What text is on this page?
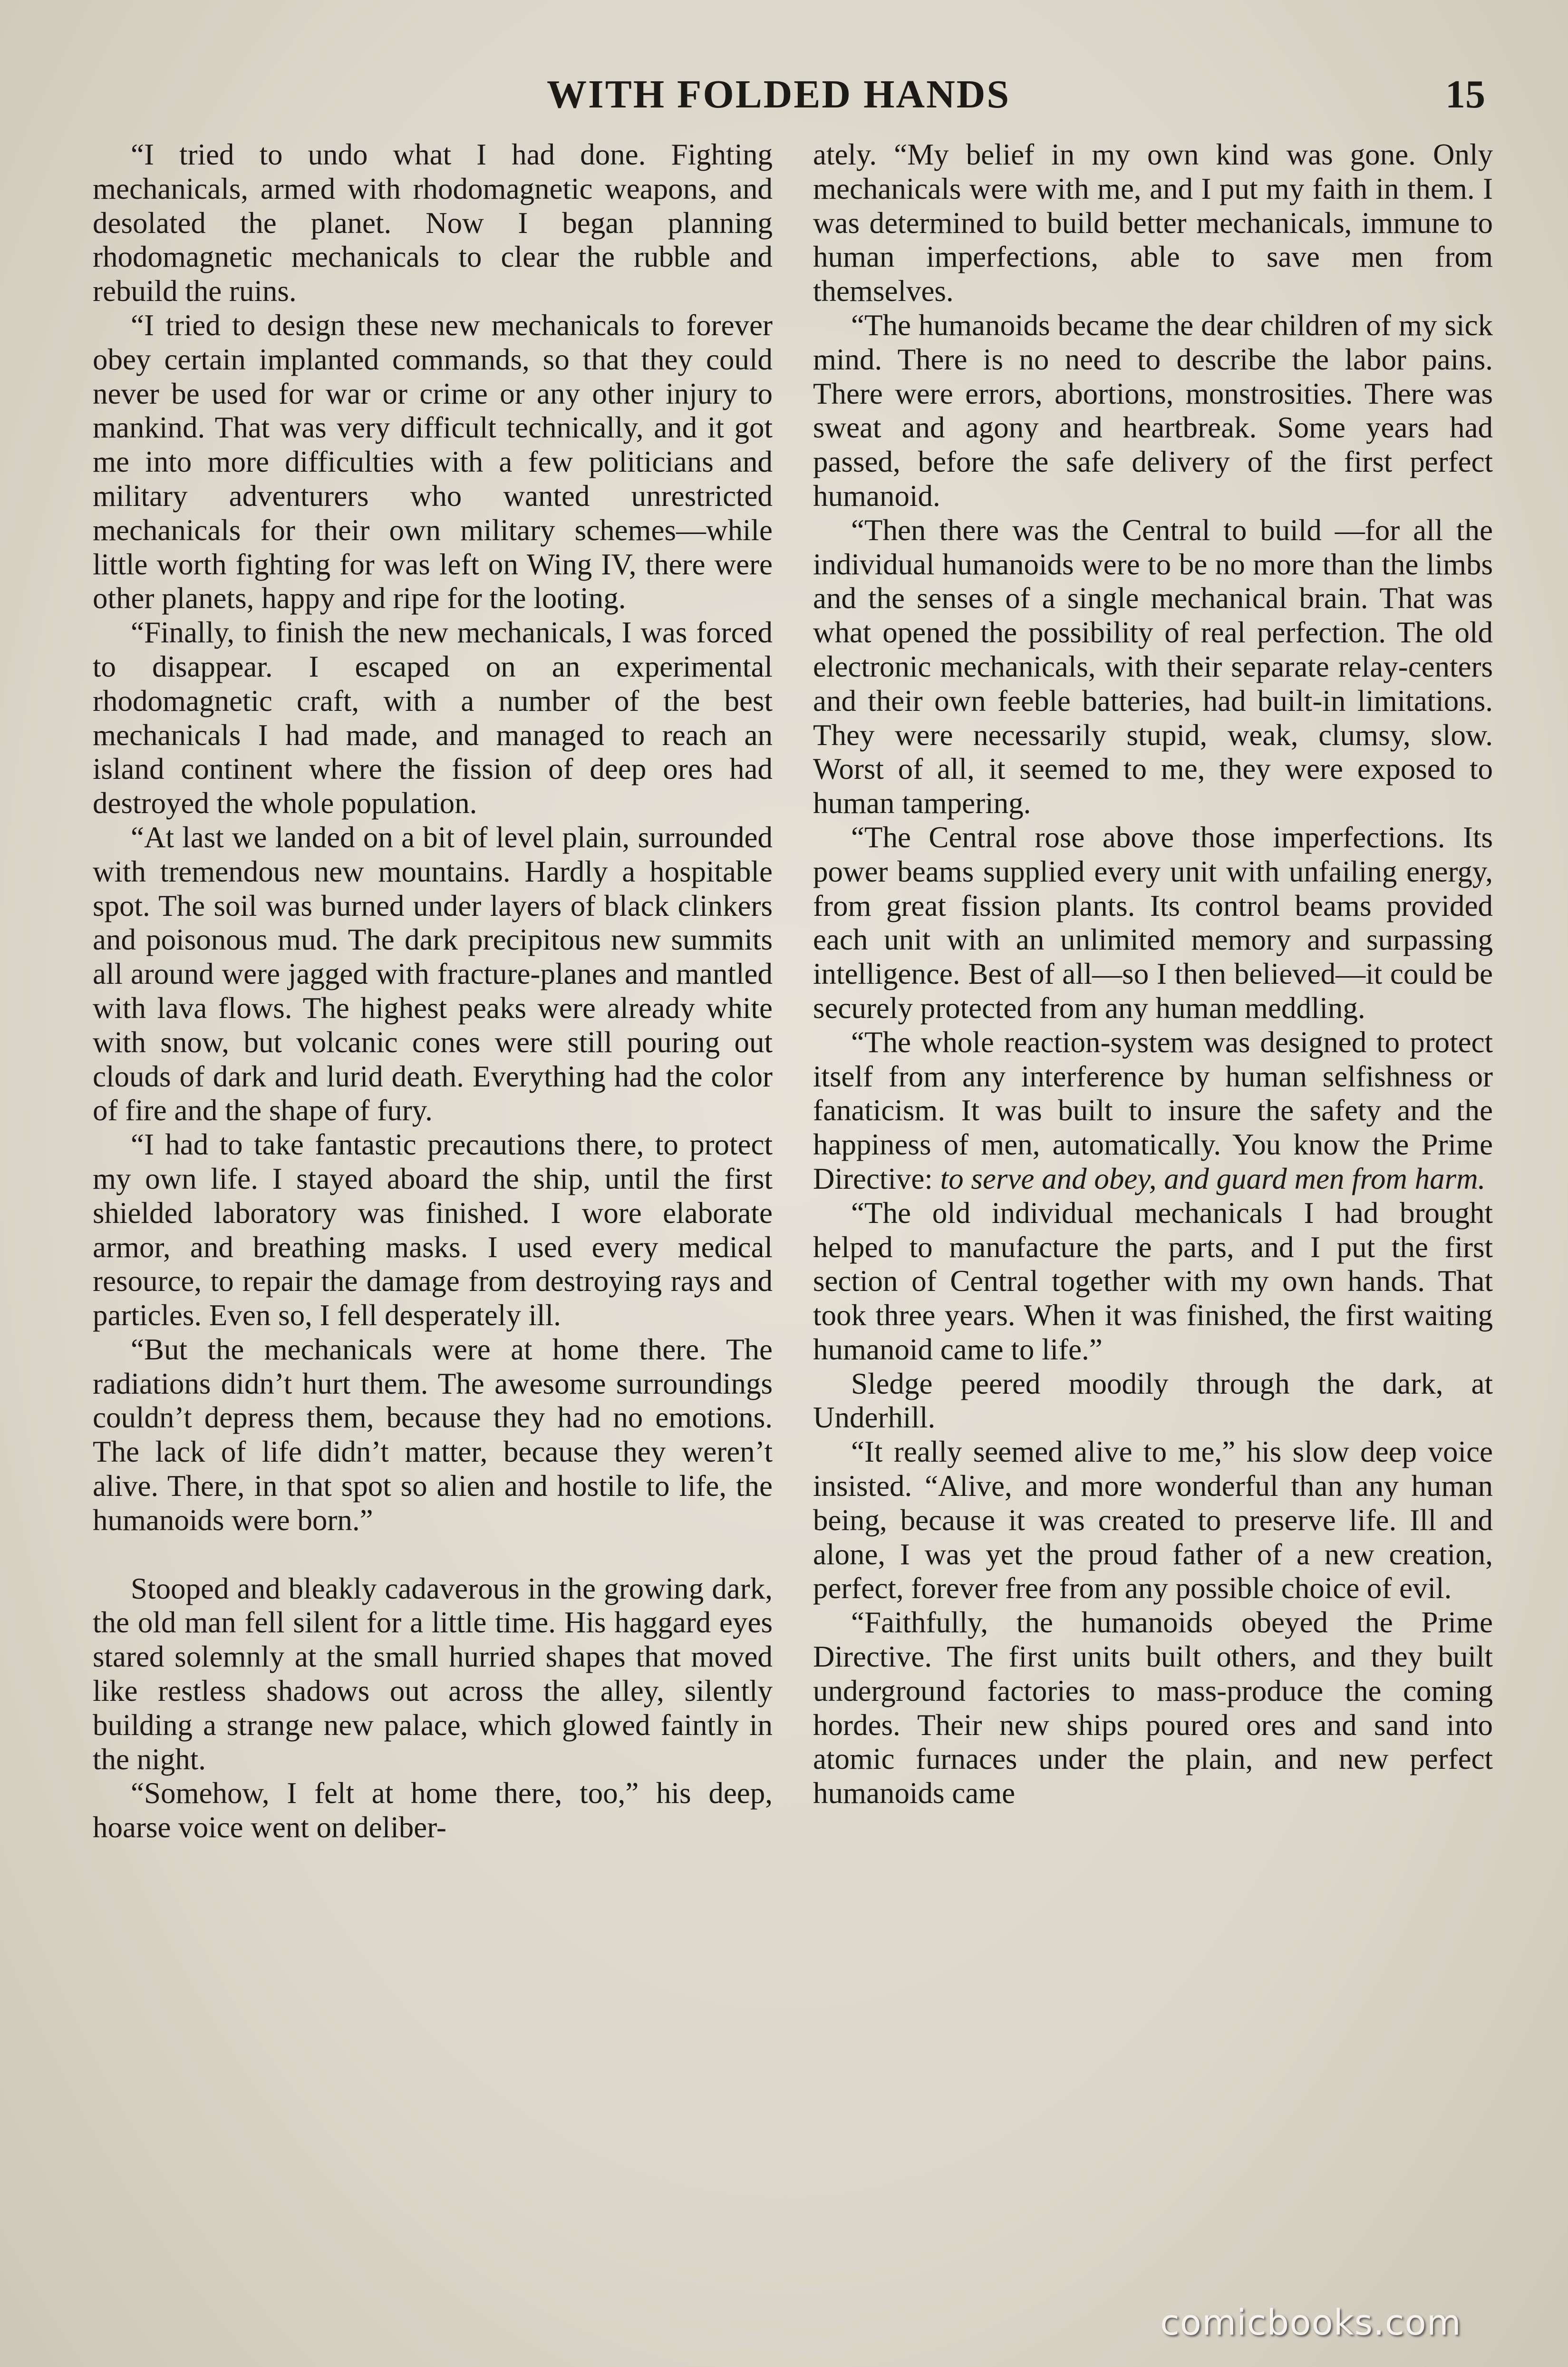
WITH FOLDED HANDS	15

“I tried to undo what I had done. Fighting mechanicals, armed with rhodomagnetic weapons, and desolated the planet. Now I began planning rhodomagnetic mechanicals to clear the rubble and rebuild the ruins.

“I tried to design these new mechanicals to forever obey certain implanted commands, so that they could never be used for war or crime or any other injury to mankind. That was very difficult technically, and it got me into more difficulties with a few politicians and military adventurers who wanted unrestricted mechanicals for their own military schemes—while little worth fighting for was left on Wing IV, there were other planets, happy and ripe for the looting.

“Finally, to finish the new mechanicals, I was forced to disappear. I escaped on an experimental rhodomagnetic craft, with a number of the best mechanicals I had made, and managed to reach an island continent where the fission of deep ores had destroyed the whole population.

“At last we landed on a bit of level plain, surrounded with tremendous new mountains. Hardly a hospitable spot. The soil was burned under layers of black clinkers and poisonous mud. The dark precipitous new summits all around were jagged with fracture-planes and mantled with lava flows. The highest peaks were already white with snow, but volcanic cones were still pouring out clouds of dark and lurid death. Everything had the color of fire and the shape of fury.

“I had to take fantastic precautions there, to protect my own life. I stayed aboard the ship, until the first shielded laboratory was finished. I wore elaborate armor, and breathing masks. I used every medical resource, to repair the damage from destroying rays and particles. Even so, I fell desperately ill.

“But the mechanicals were at home there. The radiations didn’t hurt them. The awesome surroundings couldn’t depress them, because they had no emotions. The lack of life didn’t matter, because they weren’t alive. There, in that spot so alien and hostile to life, the humanoids were born.”

Stooped and bleakly cadaverous in the growing dark, the old man fell silent for a little time. His haggard eyes stared solemnly at the small hurried shapes that moved like restless shadows out across the alley, silently building a strange new palace, which glowed faintly in the night.

“Somehow, I felt at home there, too,” his deep, hoarse voice went on deliber-

ately. “My belief in my own kind was gone. Only mechanicals were with me, and I put my faith in them. I was determined to build better mechanicals, immune to human imperfections, able to save men from themselves.

“The humanoids became the dear children of my sick mind. There is no need to describe the labor pains. There were errors, abortions, monstrosities. There was sweat and agony and heartbreak. Some years had passed, before the safe delivery of the first perfect humanoid.

“Then there was the Central to build —for all the individual humanoids were to be no more than the limbs and the senses of a single mechanical brain. That was what opened the possibility of real perfection. The old electronic mechanicals, with their separate relay-centers and their own feeble batteries, had built-in limitations. They were necessarily stupid, weak, clumsy, slow. Worst of all, it seemed to me, they were exposed to human tampering.

“The Central rose above those imperfections. Its power beams supplied every unit with unfailing energy, from great fission plants. Its control beams provided each unit with an unlimited memory and surpassing intelligence. Best of all—so I then believed—it could be securely protected from any human meddling.

“The whole reaction-system was designed to protect itself from any interference by human selfishness or fanaticism. It was built to insure the safety and the happiness of men, automatically. You know the Prime Directive: to serve and obey, and guard men from harm.

“The old individual mechanicals I had brought helped to manufacture the parts, and I put the first section of Central together with my own hands. That took three years. When it was finished, the first waiting humanoid came to life.”

Sledge peered moodily through the dark, at Underhill.

“It really seemed alive to me,” his slow deep voice insisted. “Alive, and more wonderful than any human being, because it was created to preserve life. Ill and alone, I was yet the proud father of a new creation, perfect, forever free from any possible choice of evil.

“Faithfully, the humanoids obeyed the Prime Directive. The first units built others, and they built underground factories to mass-produce the coming hordes. Their new ships poured ores and sand into atomic furnaces under the plain, and new perfect humanoids came

comicbooks.com
